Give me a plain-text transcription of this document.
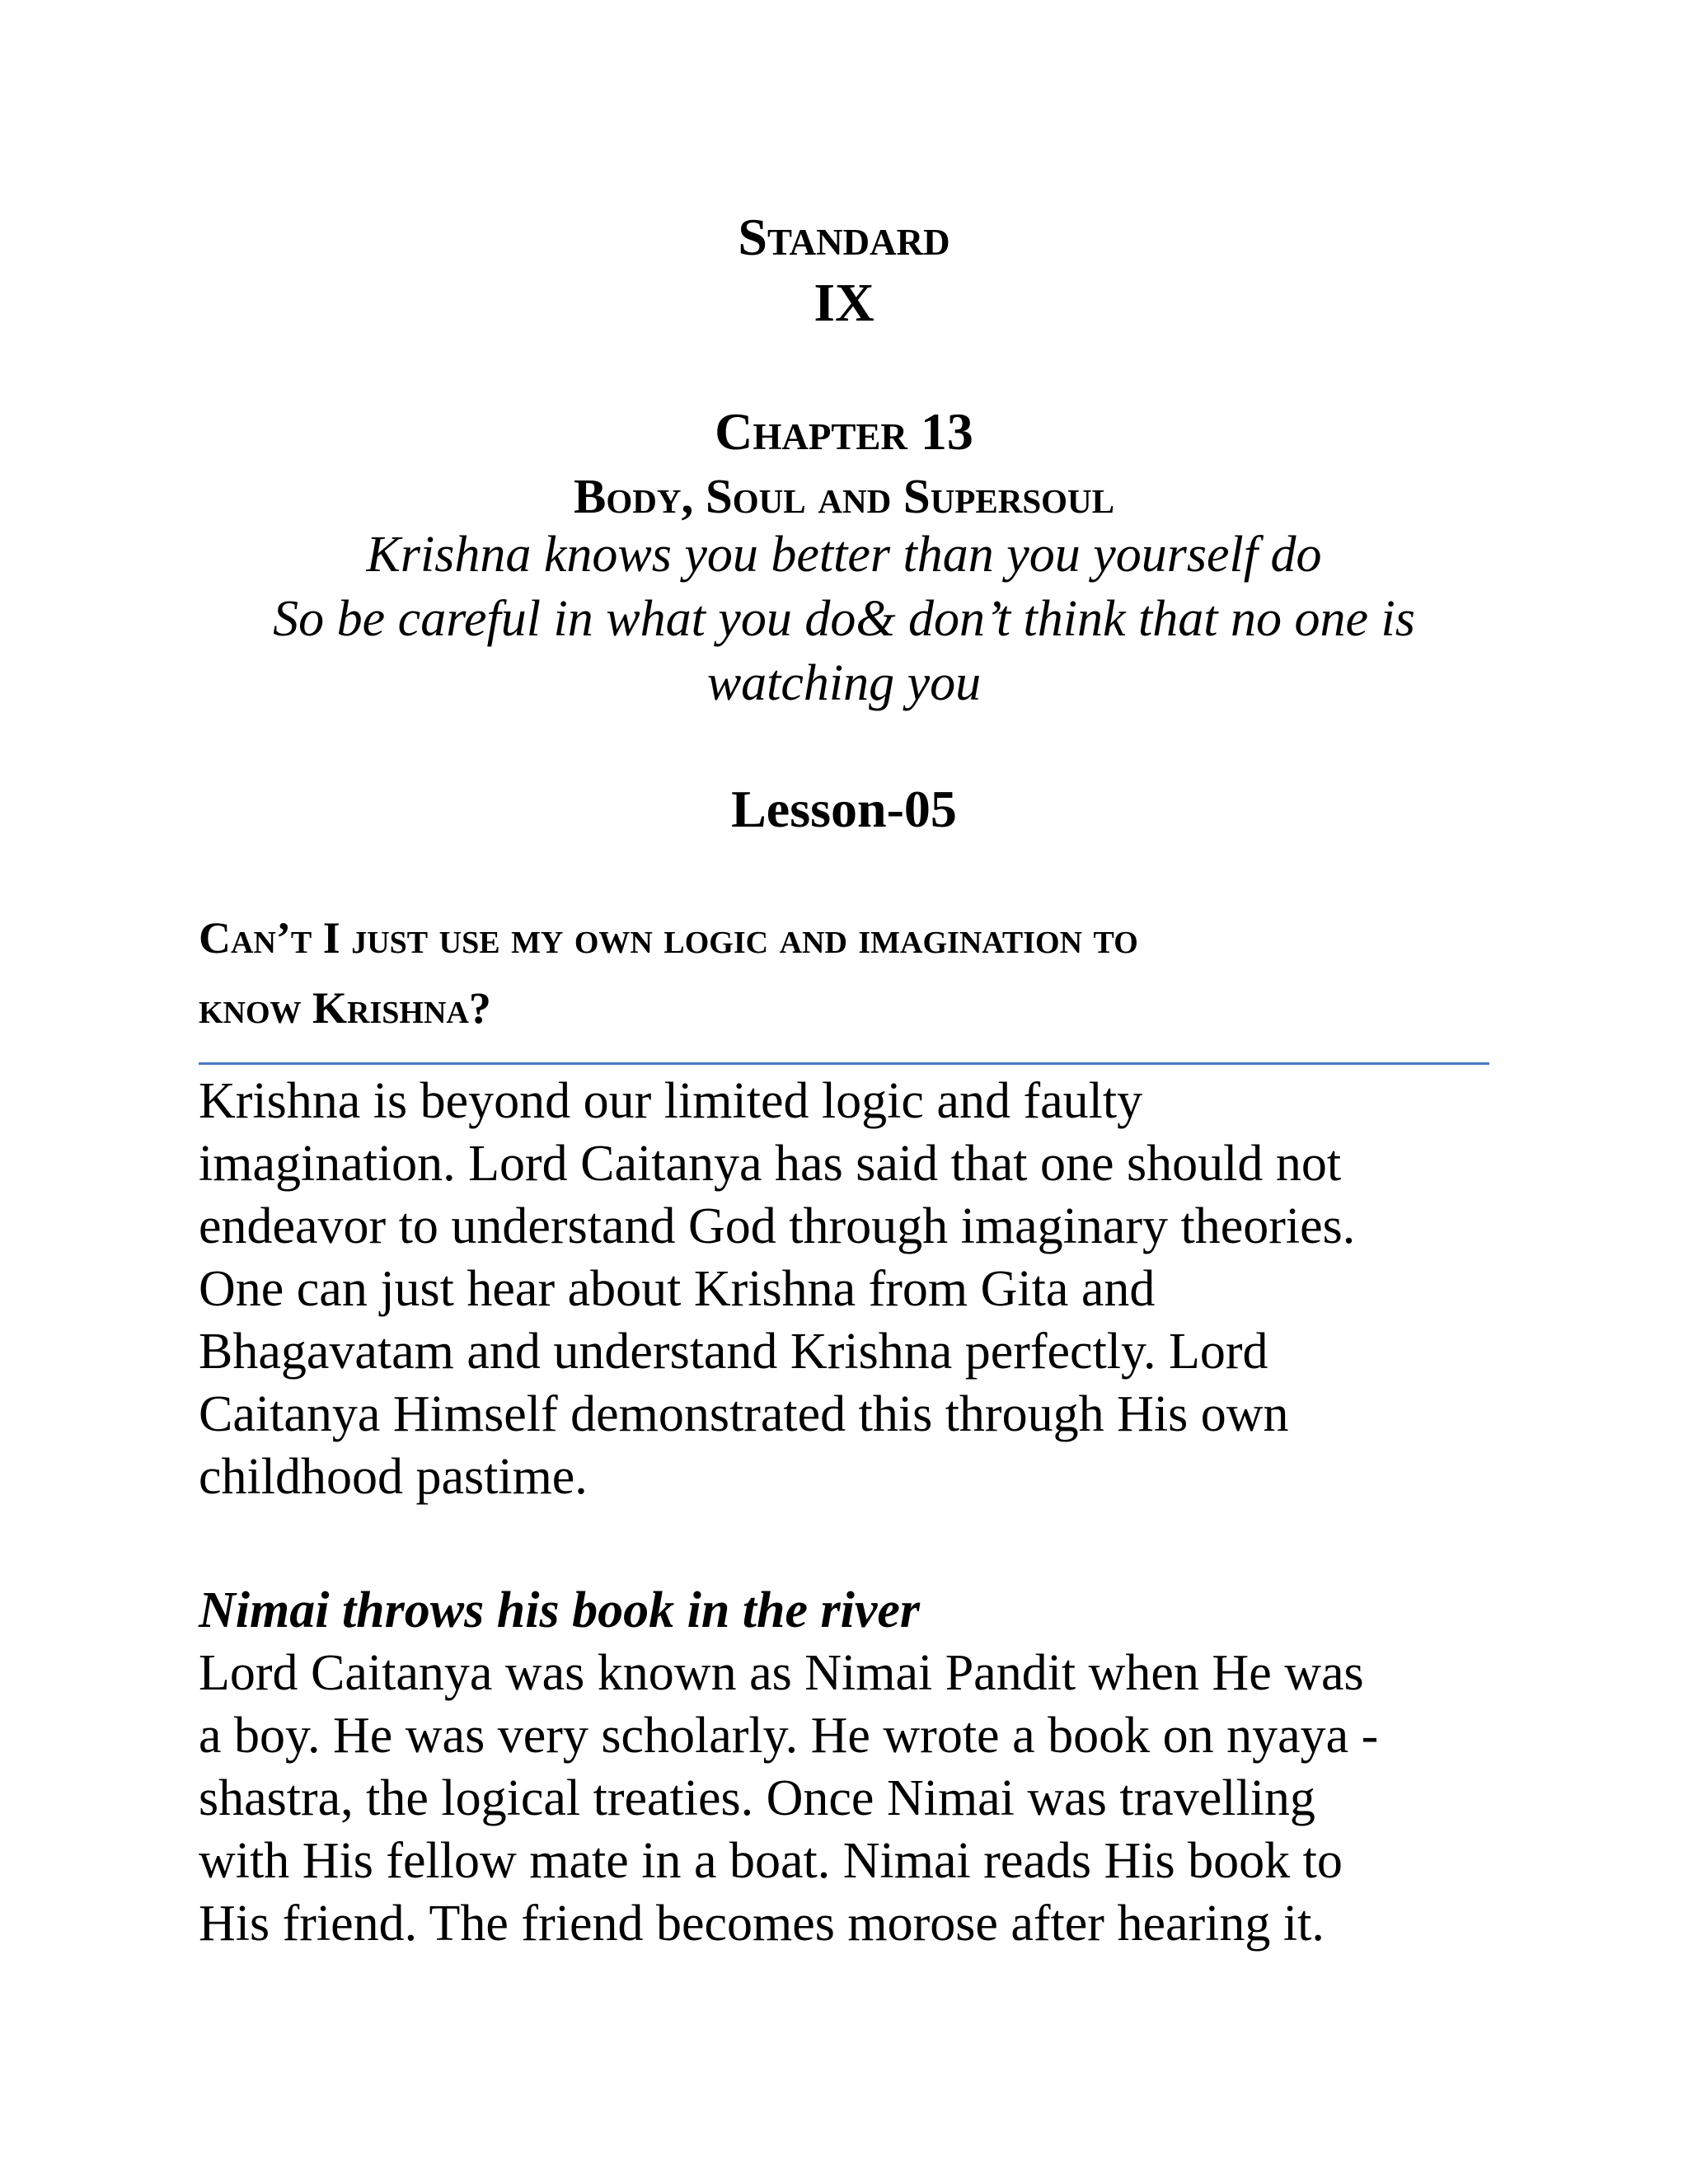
Standard
IX
Chapter 13
Body, Soul and Supersoul
Krishna knows you better than you yourself do
So be careful in what you do& don’t think that no one is
watching you
Lesson-05
Can’t I just use my own logic and imagination to
know Krishna?
Krishna is beyond our limited logic and faulty
imagination. Lord Caitanya has said that one should not
endeavor to understand God through imaginary theories.
One can just hear about Krishna from Gita and
Bhagavatam and understand Krishna perfectly. Lord
Caitanya Himself demonstrated this through His own
childhood pastime.
Nimai throws his book in the river
Lord Caitanya was known as Nimai Pandit when He was
a boy. He was very scholarly. He wrote a book on nyaya -
shastra, the logical treaties. Once Nimai was travelling
with His fellow mate in a boat. Nimai reads His book to
His friend. The friend becomes morose after hearing it.
